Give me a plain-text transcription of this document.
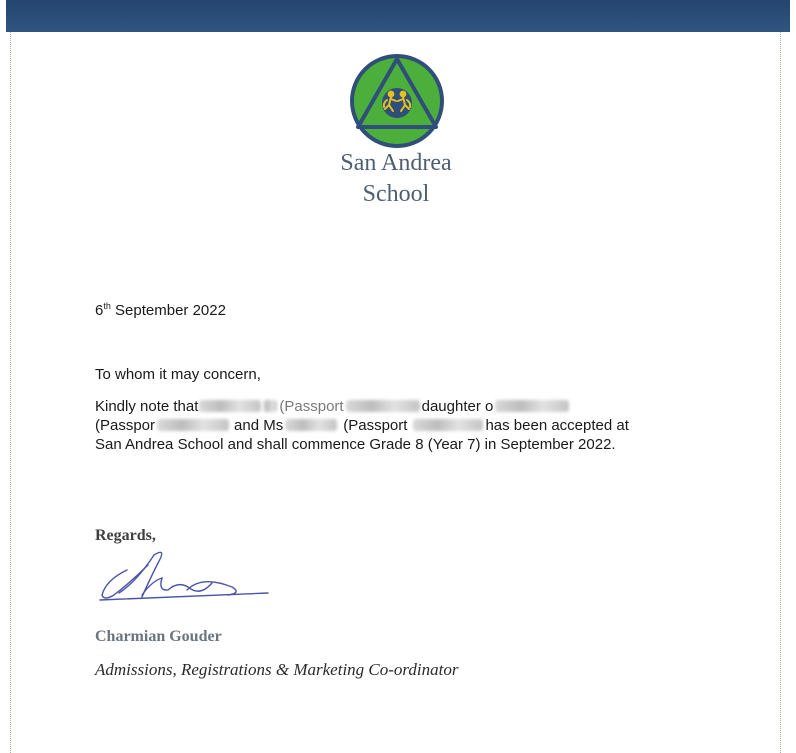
San Andrea
School
6th September 2022
To whom it may concern,
Kindly note that	(Passport	daughter o
(Passpor	and Ms	(Passport	has been accepted at
San Andrea School and shall commence Grade 8 (Year 7) in September 2022.
Regards,
Charmian Gouder
Admissions, Registrations & Marketing Co-ordinator
